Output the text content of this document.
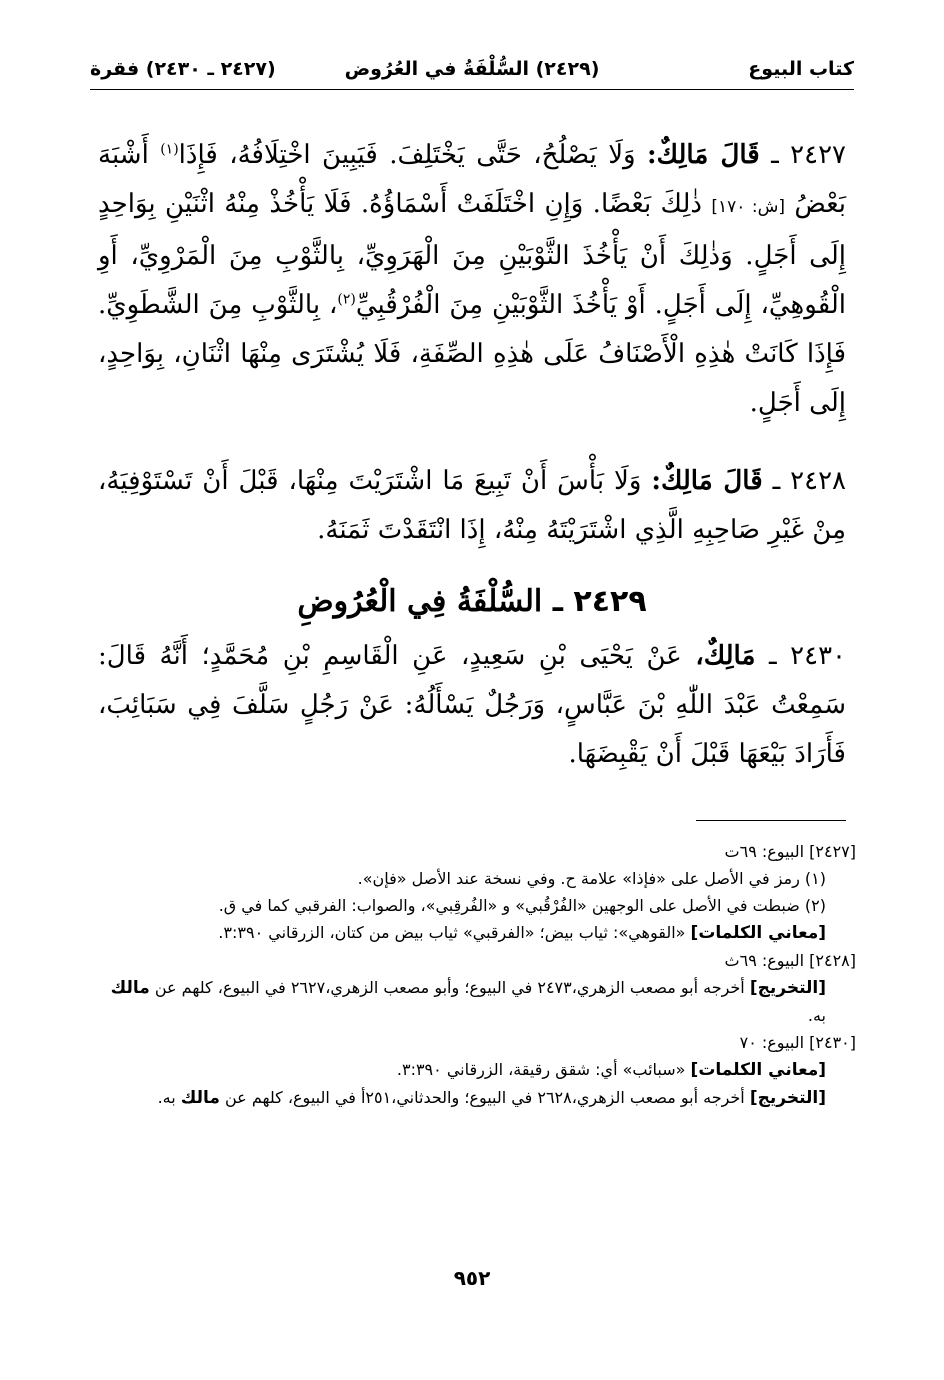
كتاب البيوع
(٢٤٢٩) السُّلْفَةُ في العُرُوض
(٢٤٢٧ ـ ٢٤٣٠) فقرة
٢٤٢٧ ـ قَالَ مَالِكٌ: وَلَا يَصْلُحُ، حَتَّى يَخْتَلِفَ. فَيَبِينَ اخْتِلَافُهُ، فَإِذَا$^{(١)}$ أَشْبَهَ بَعْضُ [ش: ١٧٠] ذٰلِكَ بَعْضًا. وَإِنِ اخْتَلَفَتْ أَسْمَاؤُهُ. فَلَا يَأْخُذْ مِنْهُ اثْنَيْنِ بِوَاحِدٍ إِلَى أَجَلٍ. وَذٰلِكَ أَنْ يَأْخُذَ الثَّوْبَيْنِ مِنَ الْهَرَوِيِّ، بِالثَّوْبِ مِنَ الْمَرْوِيِّ، أَوِ الْقُوهِيِّ، إِلَى أَجَلٍ. أَوْ يَأْخُذَ الثَّوْبَيْنِ مِنَ الْفُرْقُبِيِّ$^{(٢)}$، بِالثَّوْبِ مِنَ الشَّطَوِيِّ. فَإِذَا كَانَتْ هٰذِهِ الْأَصْنَافُ عَلَى هٰذِهِ الصِّفَةِ، فَلَا يُشْتَرَى مِنْهَا اثْنَانِ، بِوَاحِدٍ، إِلَى أَجَلٍ.
٢٤٢٨ ـ قَالَ مَالِكٌ: وَلَا بَأْسَ أَنْ تَبِيعَ مَا اشْتَرَيْتَ مِنْهَا، قَبْلَ أَنْ تَسْتَوْفِيَهُ، مِنْ غَيْرِ صَاحِبِهِ الَّذِي اشْتَرَيْتَهُ مِنْهُ، إِذَا انْتَقَدْتَ ثَمَنَهُ.
٢٤٢٩ ـ السُّلْفَةُ فِي الْعُرُوضِ
٢٤٣٠ ـ مَالِكٌ، عَنْ يَحْيَى بْنِ سَعِيدٍ، عَنِ الْقَاسِمِ بْنِ مُحَمَّدٍ؛ أَنَّهُ قَالَ: سَمِعْتُ عَبْدَ اللّٰهِ بْنَ عَبَّاسٍ، وَرَجُلٌ يَسْأَلُهُ: عَنْ رَجُلٍ سَلَّفَ فِي سَبَائِبَ، فَأَرَادَ بَيْعَهَا قَبْلَ أَنْ يَقْبِضَهَا.
[٢٤٢٧] البيوع: ٦٩ت
(١) رمز في الأصل على «فإذا» علامة ح. وفي نسخة عند الأصل «فإن».
(٢) ضبطت في الأصل على الوجهين «الفُرْقُبي» و «الفُرقِبي»، والصواب: الفرقبي كما في ق.
[معاني الكلمات] «القوهي»: ثياب بيض؛ «الفرقبي» ثياب بيض من كتان، الزرقاني ٣:٣٩٠.
[٢٤٢٨] البيوع: ٦٩ث
[التخريج] أخرجه أبو مصعب الزهري،٢٤٧٣ في البيوع؛ وأبو مصعب الزهري،٢٦٢٧ في البيوع، كلهم عن مالك به.
[٢٤٣٠] البيوع: ٧٠
[معاني الكلمات] «سبائب» أي: شقق رقيقة، الزرقاني ٣:٣٩٠.
[التخريج] أخرجه أبو مصعب الزهري،٢٦٢٨ في البيوع؛ والحدثاني،٢٥١أ في البيوع، كلهم عن مالك به.
٩٥٢
